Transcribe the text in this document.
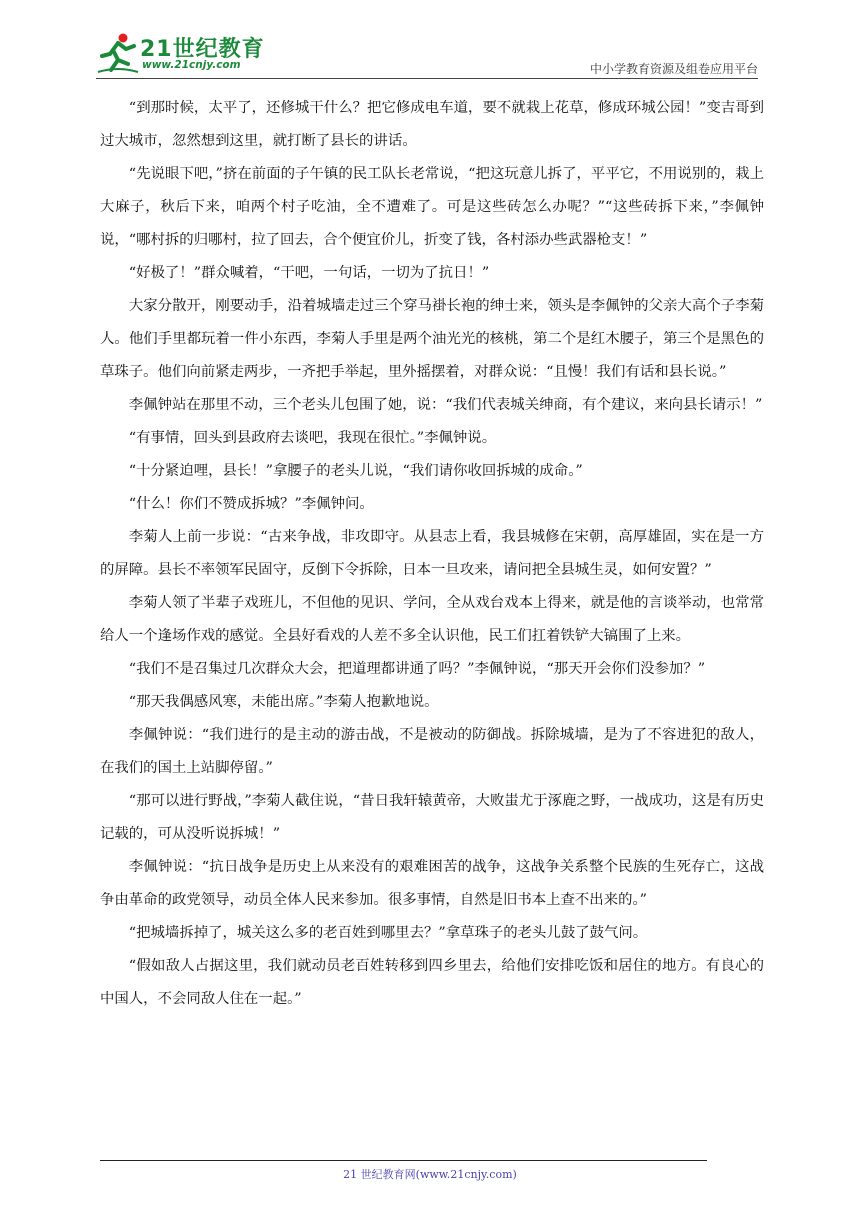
21世纪教育
www.21cnjy.com	中小学教育资源及组卷应用平台

“到那时候，太平了，还修城干什么？把它修成电车道，要不就栽上花草，修成环城公园！”变吉哥到过大城市，忽然想到这里，就打断了县长的讲话。

“先说眼下吧，”挤在前面的子午镇的民工队长老常说，“把这玩意儿拆了，平平它，不用说别的，栽上大麻子，秋后下来，咱两个村子吃油，全不遭难了。可是这些砖怎么办呢？”“这些砖拆下来，”李佩钟说，“哪村拆的归哪村，拉了回去，合个便宜价儿，折变了钱，各村添办些武器枪支！”

“好极了！”群众喊着，“干吧，一句话，一切为了抗日！”

大家分散开，刚要动手，沿着城墙走过三个穿马褂长袍的绅士来，领头是李佩钟的父亲大高个子李菊人。他们手里都玩着一件小东西，李菊人手里是两个油光光的核桃，第二个是红木腰子，第三个是黑色的草珠子。他们向前紧走两步，一齐把手举起，里外摇摆着，对群众说：“且慢！我们有话和县长说。”

李佩钟站在那里不动，三个老头儿包围了她，说：“我们代表城关绅商，有个建议，来向县长请示！”

“有事情，回头到县政府去谈吧，我现在很忙。”李佩钟说。

“十分紧迫哩，县长！”拿腰子的老头儿说，“我们请你收回拆城的成命。”

“什么！你们不赞成拆城？”李佩钟问。

李菊人上前一步说：“古来争战，非攻即守。从县志上看，我县城修在宋朝，高厚雄固，实在是一方的屏障。县长不率领军民固守，反倒下令拆除，日本一旦攻来，请问把全县城生灵，如何安置？”

李菊人领了半辈子戏班儿，不但他的见识、学问，全从戏台戏本上得来，就是他的言谈举动，也常常给人一个逢场作戏的感觉。全县好看戏的人差不多全认识他，民工们扛着铁铲大镐围了上来。

“我们不是召集过几次群众大会，把道理都讲通了吗？”李佩钟说，“那天开会你们没参加？”

“那天我偶感风寒，未能出席。”李菊人抱歉地说。

李佩钟说：“我们进行的是主动的游击战，不是被动的防御战。拆除城墙，是为了不容进犯的敌人，在我们的国土上站脚停留。”

“那可以进行野战，”李菊人截住说，“昔日我轩辕黄帝，大败蚩尤于涿鹿之野，一战成功，这是有历史记载的，可从没听说拆城！”

李佩钟说：“抗日战争是历史上从来没有的艰难困苦的战争，这战争关系整个民族的生死存亡，这战争由革命的政党领导，动员全体人民来参加。很多事情，自然是旧书本上查不出来的。”

“把城墙拆掉了，城关这么多的老百姓到哪里去？”拿草珠子的老头儿鼓了鼓气问。

“假如敌人占据这里，我们就动员老百姓转移到四乡里去，给他们安排吃饭和居住的地方。有良心的中国人，不会同敌人住在一起。”

21 世纪教育网(www.21cnjy.com)
